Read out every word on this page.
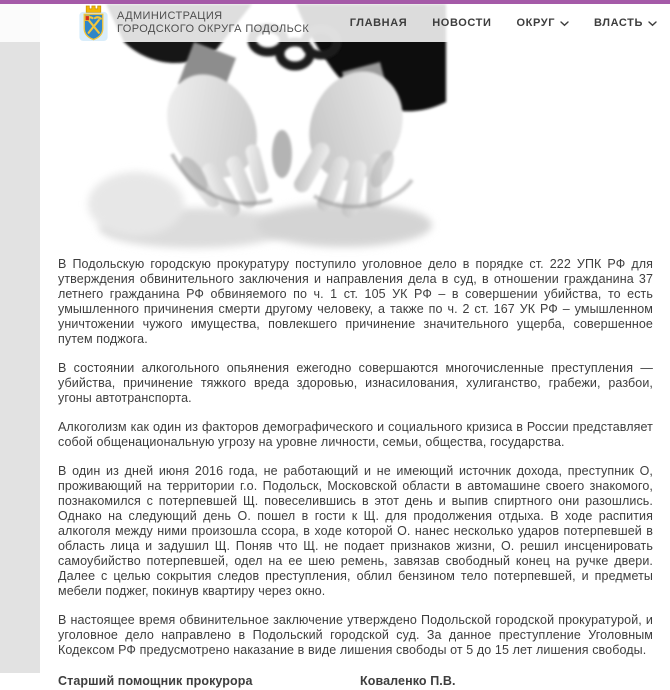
В Подольскую городскую прокуратуру поступило уголовное дело в порядке ст. 222 УПК РФ для утверждения обвинительного заключения и направления дела в суд, в отношении гражданина 37 летнего гражданина РФ обвиняемого по ч. 1 ст. 105 УК РФ – в совершении убийства, то есть умышленного причинения смерти другому человеку, а также по ч. 2 ст. 167 УК РФ – умышленном уничтожении чужого имущества, повлекшего причинение значительного ущерба, совершенное путем поджога.

В состоянии алкогольного опьянения ежегодно совершаются многочисленные преступления — убийства, причинение тяжкого вреда здоровью, изнасилования, хулиганство, грабежи, разбои, угоны автотранспорта.

Алкоголизм как один из факторов демографического и социального кризиса в России представляет собой общенациональную угрозу на уровне личности, семьи, общества, государства.

В один из дней июня 2016 года, не работающий и не имеющий источник дохода, преступник О, проживающий на территории г.о. Подольск, Московской области в автомашине своего знакомого, познакомился с потерпевшей Щ. повеселившись в этот день и выпив спиртного они разошлись. Однако на следующий день О. пошел в гости к Щ. для продолжения отдыха. В ходе распития алкоголя между ними произошла ссора, в ходе которой О. нанес несколько ударов потерпевшей в область лица и задушил Щ. Поняв что Щ. не подает признаков жизни, О. решил инсценировать самоубийство потерпевшей, одел на ее шею ремень, завязав свободный конец на ручке двери. Далее с целью сокрытия следов преступления, облил бензином тело потерпевшей, и предметы мебели поджег, покинув квартиру через окно.

В настоящее время обвинительное заключение утверждено Подольской городской прокуратурой, и уголовное дело направлено в Подольский городской суд. За данное преступление Уголовным Кодексом РФ предусмотрено наказание в виде лишения свободы от 5 до 15 лет лишения свободы.

Старший помощник прокурора	Коваленко П.В.
АДМИНИСТРАЦИЯ
ГОРОДСКОГО ОКРУГА ПОДОЛЬСК	ГЛАВНАЯ НОВОСТИ ОКРУГ	ВЛАСТЬ
